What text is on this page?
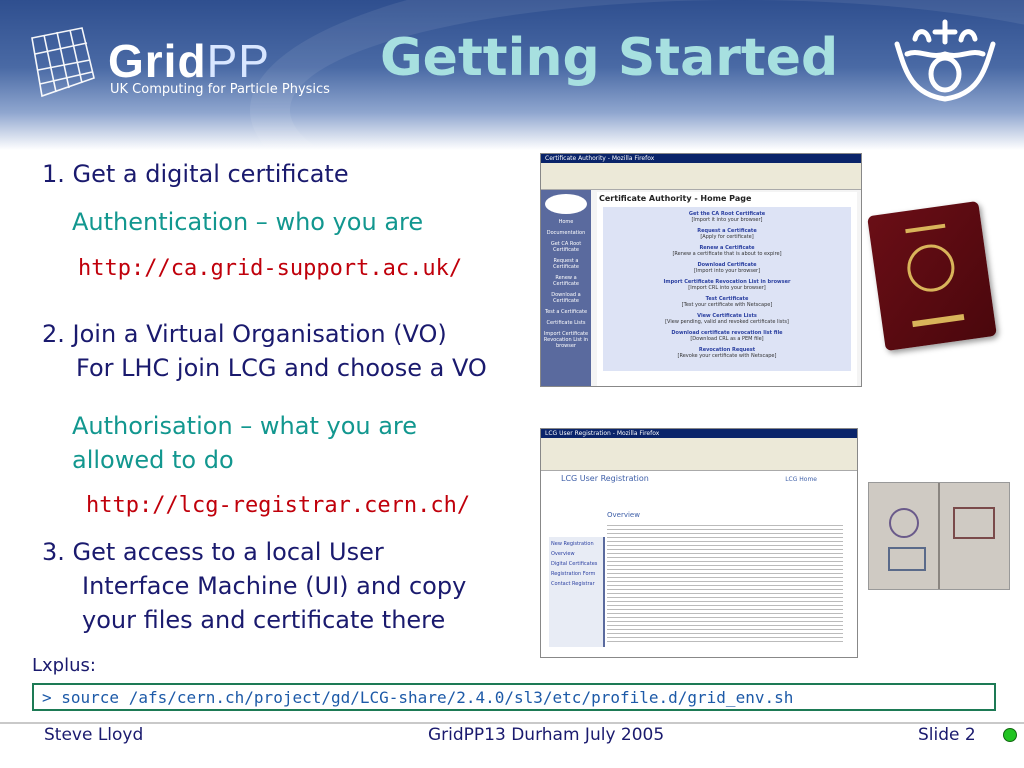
GridPP
UK Computing for Particle Physics
Getting Started
1. Get a digital certificate
Authentication – who you are
http://ca.grid-support.ac.uk/
2. Join a Virtual Organisation (VO)
For LHC join LCG and choose a VO
Authorisation – what you are
allowed to do
http://lcg-registrar.cern.ch/
3. Get access to a local User
Interface Machine (UI) and copy
your files and certificate there
Certificate Authority - Mozilla Firefox
Home
Documentation
Get CA Root Certificate
Request a Certificate
Renew a Certificate
Download a Certificate
Test a Certificate
Certificate Lists
Import Certificate Revocation List in browser
Certificate Authority - Home Page
Get the CA Root Certificate
[Import it into your browser]
Request a Certificate
[Apply for certificate]
Renew a Certificate
[Renew a certificate that is about to expire]
Download Certificate
[Import into your browser]
Import Certificate Revocation List in browser
[Import CRL into your browser]
Test Certificate
[Test your certificate with Netscape]
View Certificate Lists
[View pending, valid and revoked certificate lists]
Download certificate revocation list file
[Download CRL as a PEM file]
Revocation Request
[Revoke your certificate with Netscape]
LCG User Registration - Mozilla Firefox
LCG User Registration	LCG Home
New Registration
Overview
Digital Certificates
Registration Form
Contact Registrar
Overview
Lxplus:
> source /afs/cern.ch/project/gd/LCG-share/2.4.0/sl3/etc/profile.d/grid_env.sh
Steve Lloyd	GridPP13 Durham July 2005	Slide 2
